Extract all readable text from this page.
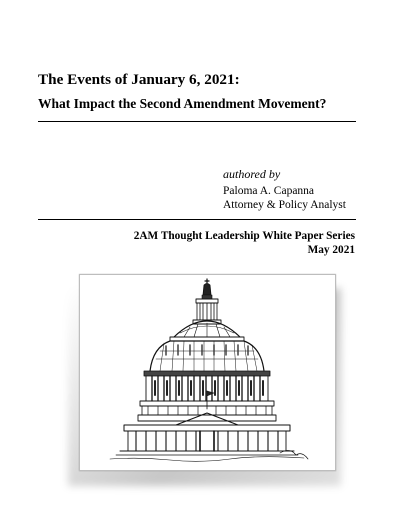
The Events of January 6, 2021:
What Impact the Second Amendment Movement?
authored by
Paloma A. Capanna
Attorney & Policy Analyst
2AM Thought Leadership White Paper Series
May 2021
